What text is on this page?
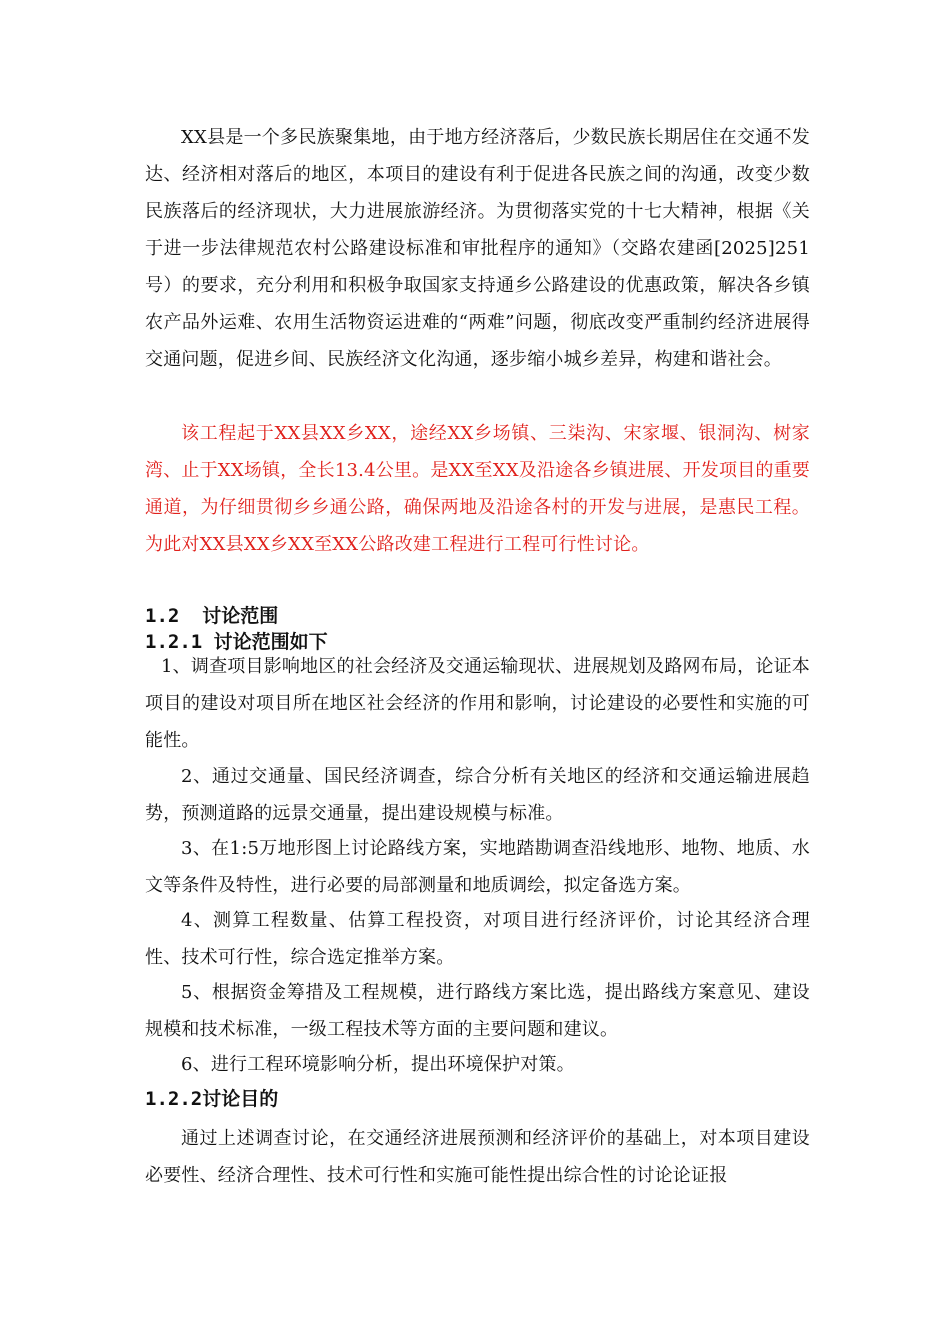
XX县是一个多民族聚集地，由于地方经济落后，少数民族长期居住在交通不发达、经济相对落后的地区，本项目的建设有利于促进各民族之间的沟通，改变少数民族落后的经济现状，大力进展旅游经济。为贯彻落实党的十七大精神，根据《关于进一步法律规范农村公路建设标准和审批程序的通知》（交路农建函[2025]251号）的要求，充分利用和积极争取国家支持通乡公路建设的优惠政策，解决各乡镇农产品外运难、农用生活物资运进难的“两难”问题，彻底改变严重制约经济进展得交通问题，促进乡间、民族经济文化沟通，逐步缩小城乡差异，构建和谐社会。

该工程起于XX县XX乡XX，途经XX乡场镇、三柒沟、宋家堰、银洞沟、树家湾、止于XX场镇，全长13.4公里。是XX至XX及沿途各乡镇进展、开发项目的重要通道，为仔细贯彻乡乡通公路，确保两地及沿途各村的开发与进展，是惠民工程。为此对XX县XX乡XX至XX公路改建工程进行工程可行性讨论。

1.2  讨论范围
1.2.1 讨论范围如下

1、调查项目影响地区的社会经济及交通运输现状、进展规划及路网布局，论证本项目的建设对项目所在地区社会经济的作用和影响，讨论建设的必要性和实施的可能性。

2、通过交通量、国民经济调查，综合分析有关地区的经济和交通运输进展趋势，预测道路的远景交通量，提出建设规模与标准。

3、在1:5万地形图上讨论路线方案，实地踏勘调查沿线地形、地物、地质、水文等条件及特性，进行必要的局部测量和地质调绘，拟定备选方案。

4、测算工程数量、估算工程投资，对项目进行经济评价，讨论其经济合理性、技术可行性，综合选定推举方案。

5、根据资金筹措及工程规模，进行路线方案比选，提出路线方案意见、建设规模和技术标准，一级工程技术等方面的主要问题和建议。

6、进行工程环境影响分析，提出环境保护对策。

1.2.2讨论目的

通过上述调查讨论，在交通经济进展预测和经济评价的基础上，对本项目建设必要性、经济合理性、技术可行性和实施可能性提出综合性的讨论论证报
